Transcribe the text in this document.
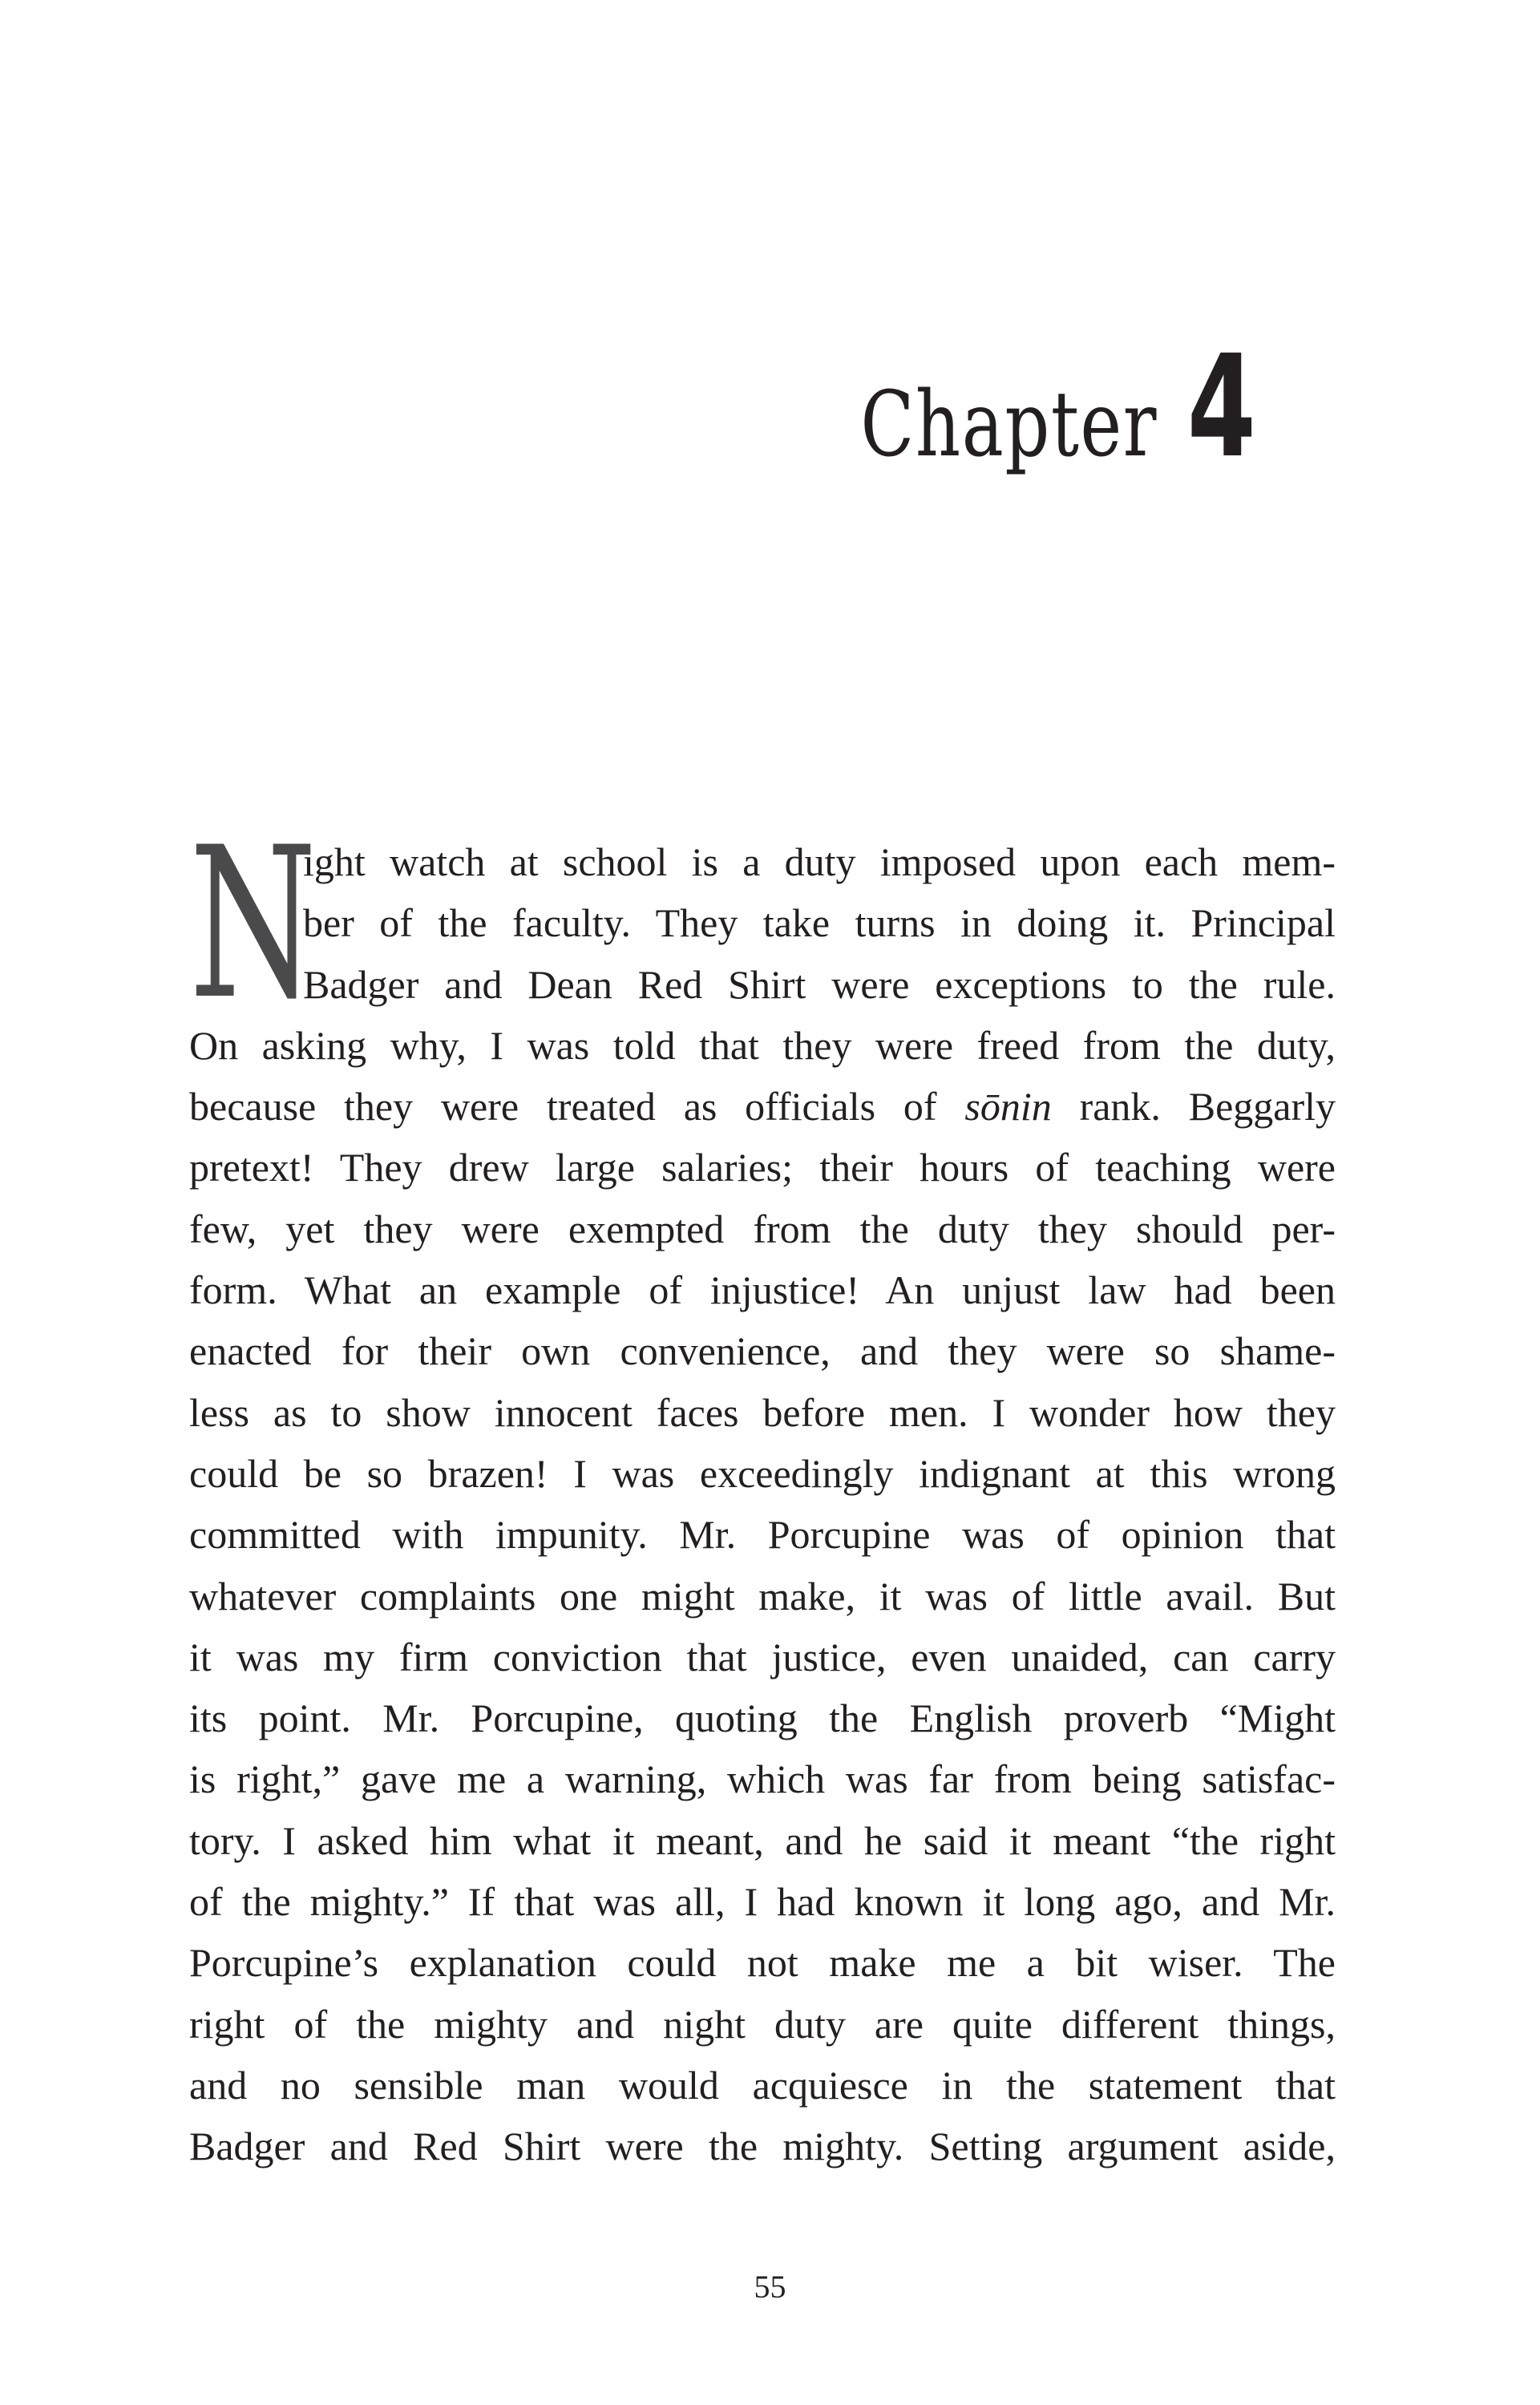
Chapter 4
N
ight watch at school is a duty imposed upon each mem-
ber of the faculty. They take turns in doing it. Principal
Badger and Dean Red Shirt were exceptions to the rule.
On asking why, I was told that they were freed from the duty,
because they were treated as officials of sōnin rank. Beggarly
pretext! They drew large salaries; their hours of teaching were
few, yet they were exempted from the duty they should per-
form. What an example of injustice! An unjust law had been
enacted for their own convenience, and they were so shame-
less as to show innocent faces before men. I wonder how they
could be so brazen! I was exceedingly indignant at this wrong
committed with impunity. Mr. Porcupine was of opinion that
whatever complaints one might make, it was of little avail. But
it was my firm conviction that justice, even unaided, can carry
its point. Mr. Porcupine, quoting the English proverb “Might
is right,” gave me a warning, which was far from being satisfac-
tory. I asked him what it meant, and he said it meant “the right
of the mighty.” If that was all, I had known it long ago, and Mr.
Porcupine’s explanation could not make me a bit wiser. The
right of the mighty and night duty are quite different things,
and no sensible man would acquiesce in the statement that
Badger and Red Shirt were the mighty. Setting argument aside,
55
